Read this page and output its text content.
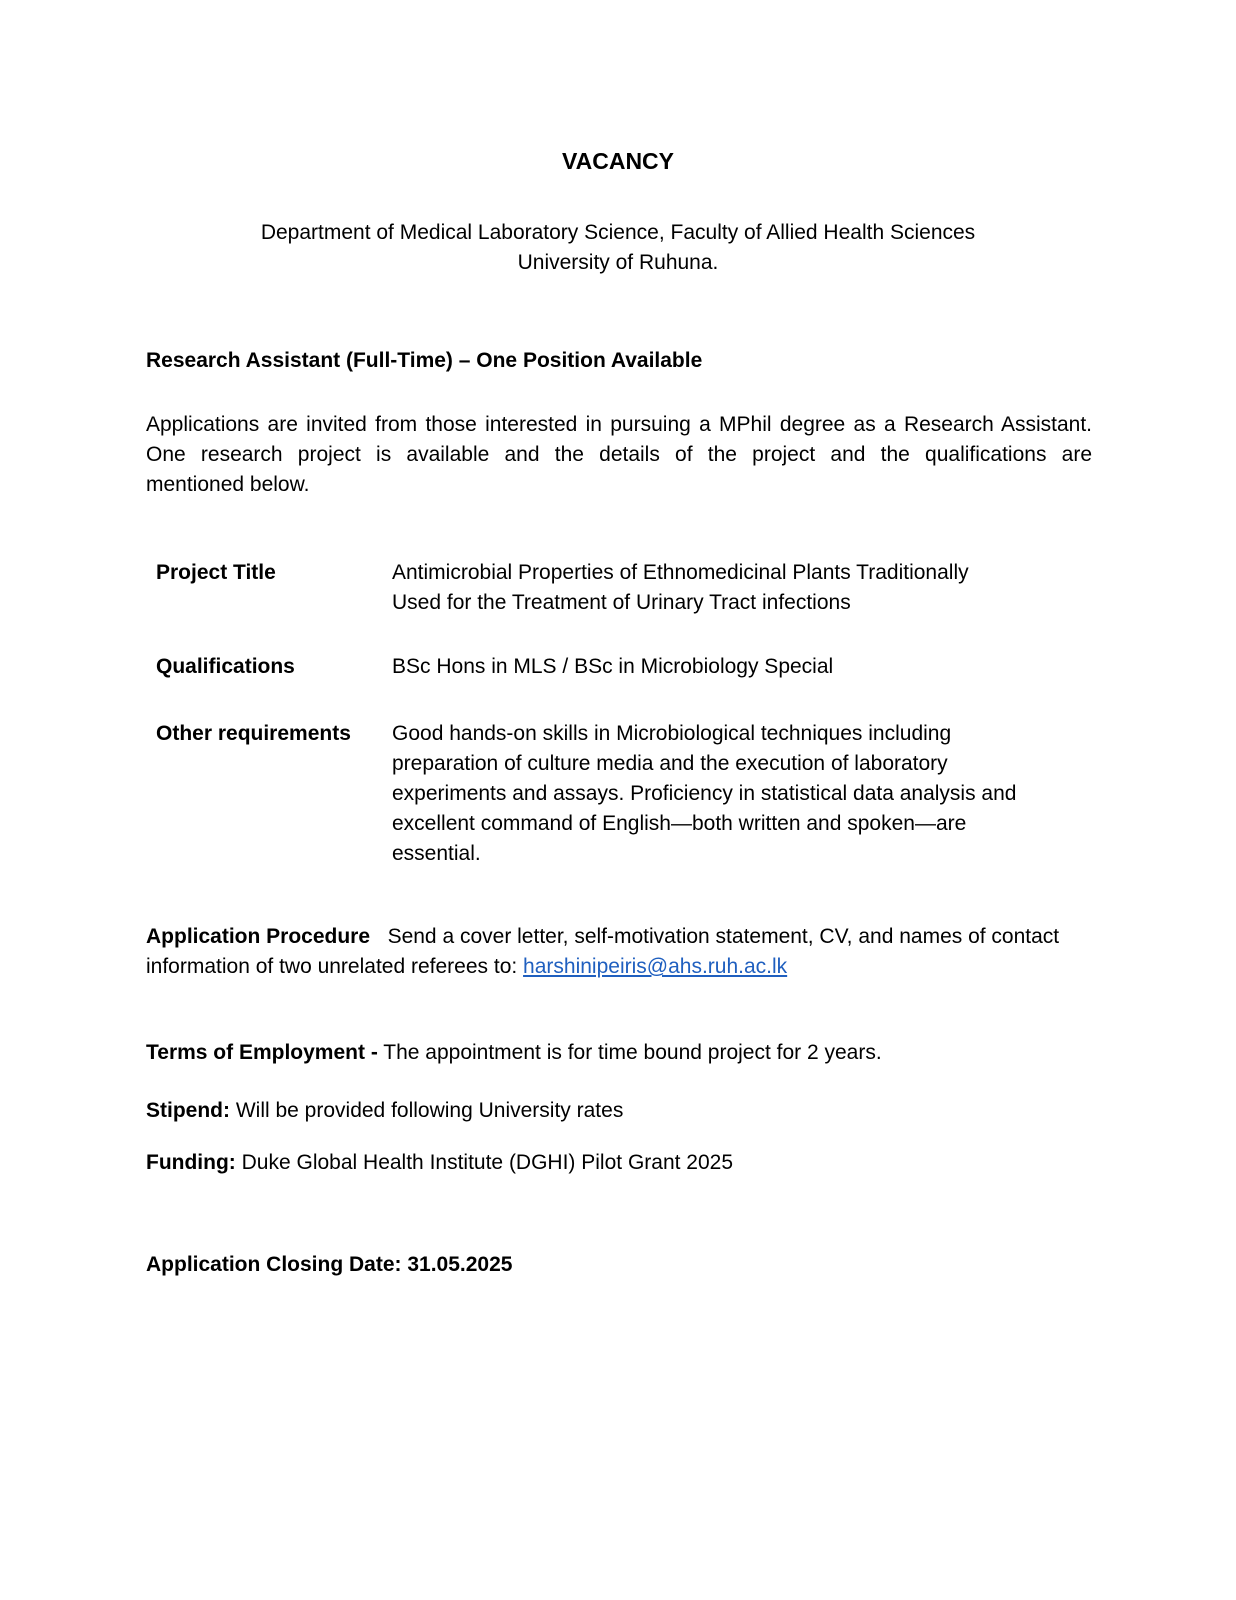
VACANCY
Department of Medical Laboratory Science, Faculty of Allied Health Sciences
University of Ruhuna.
Research Assistant (Full-Time) – One Position Available
Applications are invited from those interested in pursuing a MPhil degree as a Research Assistant.
One research project is available and the details of the project and the qualifications are
mentioned below.
Project Title	Antimicrobial Properties of Ethnomedicinal Plants Traditionally
Used for the Treatment of Urinary Tract infections
Qualifications	BSc Hons in MLS / BSc in Microbiology Special
Other requirements Good hands-on skills in Microbiological techniques including
preparation of culture media and the execution of laboratory
experiments and assays. Proficiency in statistical data analysis and
excellent command of English—both written and spoken—are
essential.
Application Procedure Send a cover letter, self-motivation statement, CV, and names of contact
information of two unrelated referees to: harshinipeiris@ahs.ruh.ac.lk
Terms of Employment - The appointment is for time bound project for 2 years.
Stipend: Will be provided following University rates
Funding: Duke Global Health Institute (DGHI) Pilot Grant 2025
Application Closing Date: 31.05.2025
